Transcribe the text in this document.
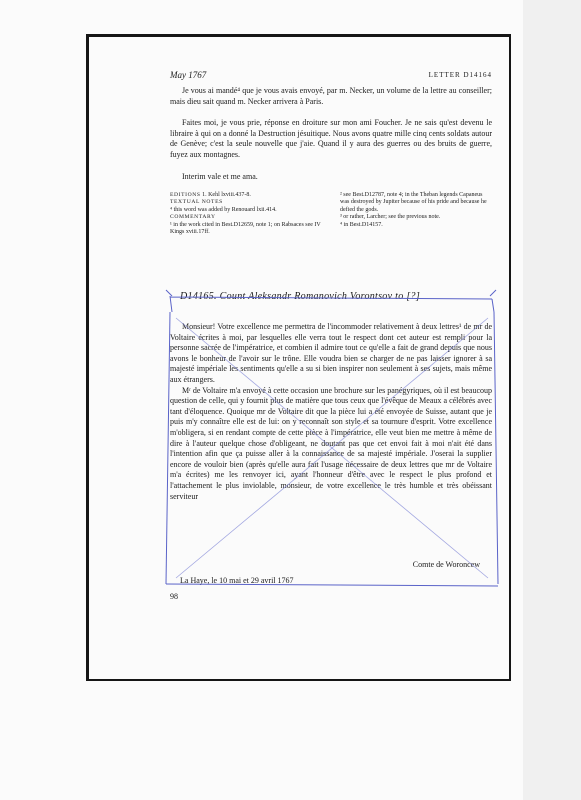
May 1767	LETTER D14164
Je vous ai mandé⁴ que je vous avais envoyé, par m. Necker, un volume de la lettre au conseiller; mais dieu sait quand m. Necker arrivera à Paris.
Faites moi, je vous prie, réponse en droiture sur mon ami Foucher. Je ne sais qu'est devenu le libraire à qui on a donné la Destruction jésuitique. Nous avons quatre mille cinq cents soldats autour de Genève; c'est la seule nouvelle que j'aie. Quand il y aura des guerres ou des bruits de guerre, fuyez aux montagnes.
Interim vale et me ama.
EDITIONS 1. Kehl lxviii.437-8.
TEXTUAL NOTES
⁴ this word was added by Renouard lxii.414.
COMMENTARY
¹ in the work cited in Best.D12659, note 1; on Rabsaces see IV Kings xviii.17ff.
² see Best.D12787, note 4; in the Theban legends Capaneus was destroyed by Jupiter because of his pride and because he defied the gods.
³ or rather, Larcher; see the previous note.
⁴ in Best.D14157.
D14165. Count Aleksandr Romanovich Vorontsov to [?]
Monsieur! Votre excellence me permettra de l'incommoder relativement à deux lettres¹ de mr de Voltaire écrites à moi, par lesquelles elle verra tout le respect dont cet auteur est rempli pour la personne sacrée de l'impératrice, et combien il admire tout ce qu'elle a fait de grand depuis que nous avons le bonheur de l'avoir sur le trône. Elle voudra bien se charger de ne pas laisser ignorer à sa majesté impériale les sentiments qu'elle a su si bien inspirer non seulement à ses sujets, mais même aux étrangers.
Mʳ de Voltaire m'a envoyé à cette occasion une brochure sur les panégyriques, où il est beaucoup question de celle, qui y fournit plus de matière que tous ceux que l'évêque de Meaux a célébrés avec tant d'éloquence. Quoique mr de Voltaire dit que la pièce lui a été envoyée de Suisse, autant que je puis m'y connaître elle est de lui: on y reconnaît son style et sa tournure d'esprit. Votre excellence m'obligera, si en rendant compte de cette pièce à l'impératrice, elle veut bien me mettre à même de dire à l'auteur quelque chose d'obligeant, ne doutant pas que cet envoi fait à moi n'ait été dans l'intention afin que ça puisse aller à la connaissance de sa majesté impériale. J'oserai la supplier encore de vouloir bien (après qu'elle aura fait l'usage nécessaire de deux lettres que mr de Voltaire m'a écrites) me les renvoyer ici, ayant l'honneur d'être avec le respect le plus profond et l'attachement le plus inviolable, monsieur, de votre excellence le très humble et très obéissant serviteur
Comte de Woroncew
La Haye, le 10 mai et 29 avril 1767
98
